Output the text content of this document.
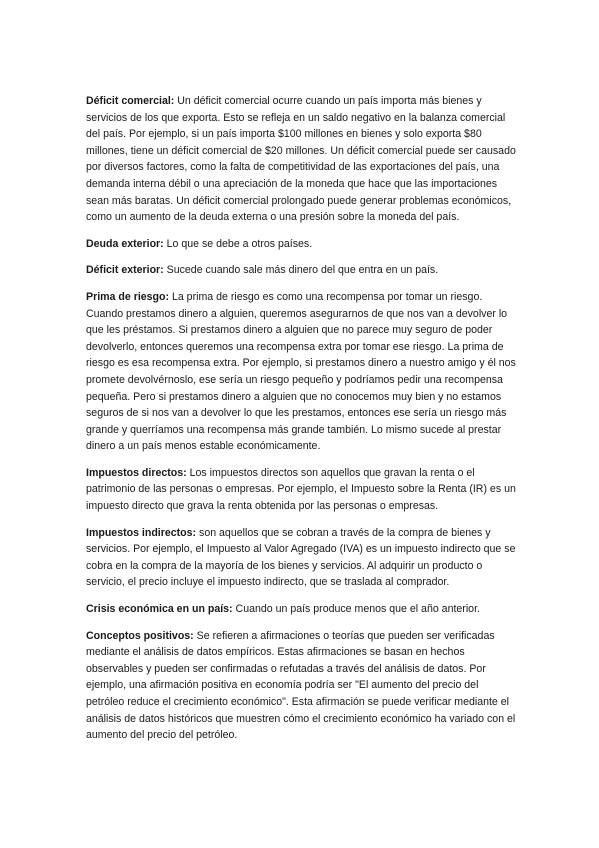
Déficit comercial: Un déficit comercial ocurre cuando un país importa más bienes y servicios de los que exporta. Esto se refleja en un saldo negativo en la balanza comercial del país. Por ejemplo, si un país importa $100 millones en bienes y solo exporta $80 millones, tiene un déficit comercial de $20 millones. Un déficit comercial puede ser causado por diversos factores, como la falta de competitividad de las exportaciones del país, una demanda interna débil o una apreciación de la moneda que hace que las importaciones sean más baratas. Un déficit comercial prolongado puede generar problemas económicos, como un aumento de la deuda externa o una presión sobre la moneda del país.

Deuda exterior: Lo que se debe a otros países.

Déficit exterior: Sucede cuando sale más dinero del que entra en un país.

Prima de riesgo: La prima de riesgo es como una recompensa por tomar un riesgo. Cuando prestamos dinero a alguien, queremos asegurarnos de que nos van a devolver lo que les préstamos. Si prestamos dinero a alguien que no parece muy seguro de poder devolverlo, entonces queremos una recompensa extra por tomar ese riesgo. La prima de riesgo es esa recompensa extra. Por ejemplo, si prestamos dinero a nuestro amigo y él nos promete devolvérnoslo, ese sería un riesgo pequeño y podríamos pedir una recompensa pequeña. Pero si prestamos dinero a alguien que no conocemos muy bien y no estamos seguros de si nos van a devolver lo que les prestamos, entonces ese sería un riesgo más grande y querríamos una recompensa más grande también. Lo mismo sucede al prestar dinero a un país menos estable económicamente.

Impuestos directos: Los impuestos directos son aquellos que gravan la renta o el patrimonio de las personas o empresas. Por ejemplo, el Impuesto sobre la Renta (IR) es un impuesto directo que grava la renta obtenida por las personas o empresas.

Impuestos indirectos: son aquellos que se cobran a través de la compra de bienes y servicios. Por ejemplo, el Impuesto al Valor Agregado (IVA) es un impuesto indirecto que se cobra en la compra de la mayoría de los bienes y servicios. Al adquirir un producto o servicio, el precio incluye el impuesto indirecto, que se traslada al comprador.

Crisis económica en un país: Cuando un país produce menos que el año anterior.

Conceptos positivos: Se refieren a afirmaciones o teorías que pueden ser verificadas mediante el análisis de datos empíricos. Estas afirmaciones se basan en hechos observables y pueden ser confirmadas o refutadas a través del análisis de datos. Por ejemplo, una afirmación positiva en economía podría ser "El aumento del precio del petróleo reduce el crecimiento económico". Esta afirmación se puede verificar mediante el análisis de datos históricos que muestren cómo el crecimiento económico ha variado con el aumento del precio del petróleo.
